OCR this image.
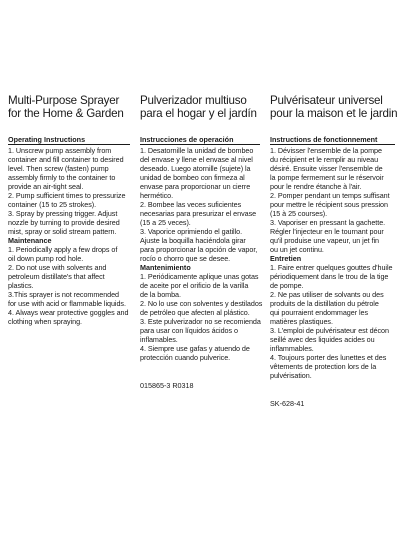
Multi-Purpose Sprayer
for the Home & Garden
Operating Instructions
1. Unscrew pump assembly from
container and fill container to desired
level. Then screw (fasten) pump
assembly firmly to the container to
provide an air-tight seal.
2. Pump sufficient times to pressurize
container (15 to 25 strokes).
3. Spray by pressing trigger. Adjust
nozzle by turning to provide desired
mist, spray or solid stream pattern.
Maintenance
1. Periodically apply a few drops of
oil down pump rod hole.
2. Do not use with solvents and
petroleum distillate's that affect
plastics.
3.This sprayer is not recommended
for use with acid or flammable liquids.
4. Always wear protective goggles and
clothing when spraying.
Pulverizador multiuso
para el hogar y el jardín
Instrucciones de operación
1. Desatornille la unidad de bombeo
del envase y llene el envase al nivel
deseado. Luego atornille (sujete) la
unidad de bombeo con firmeza al
envase para proporcionar un cierre
hermético.
2. Bombee las veces suficientes
necesarias para presurizar el envase
(15 a 25 veces).
3. Vaporice oprimiendo el gatillo.
Ajuste la boquilla haciéndola girar
para proporcionar la opción de vapor,
rocío o chorro que se desee.
Mantenimiento
1. Periódicamente aplique unas gotas
de aceite por el orificio de la varilla
de la bomba.
2. No lo use con solventes y destilados
de petróleo que afecten al plástico.
3. Este pulverizador no se recomienda
para usar con líquidos ácidos o
inflamables.
4. Siempre use gafas y atuendo de
protección cuando pulverice.
015865-3 R0318
Pulvérisateur universel
pour la maison et le jardin
Instructions de fonctionnement
1. Dévisser l'ensemble de la pompe
du récipient et le remplir au niveau
désiré. Ensuite visser l'ensemble de
la pompe fermement sur le réservoir
pour le rendre étanche à l'air.
2. Pomper pendant un temps suffisant
pour mettre le récipient sous pression
(15 à 25 courses).
3. Vaporiser en pressant la gachette.
Régler l'injecteur en le tournant pour
qu'il produise une vapeur, un jet fin
ou un jet continu.
Entretien
1. Faire entrer quelques gouttes d'huile
périodiquement dans le trou de la tige
de pompe.
2. Ne pas utiliser de solvants ou des
produits de la distillation du pétrole
qui pourraient endommager les
matières plastiques.
3. L'emploi de pulvérisateur est décon
seillé avec des liquides acides ou
inflammables.
4. Toujours porter des lunettes et des
vêtements de protection lors de la
pulvérisation.
SK-628-41
